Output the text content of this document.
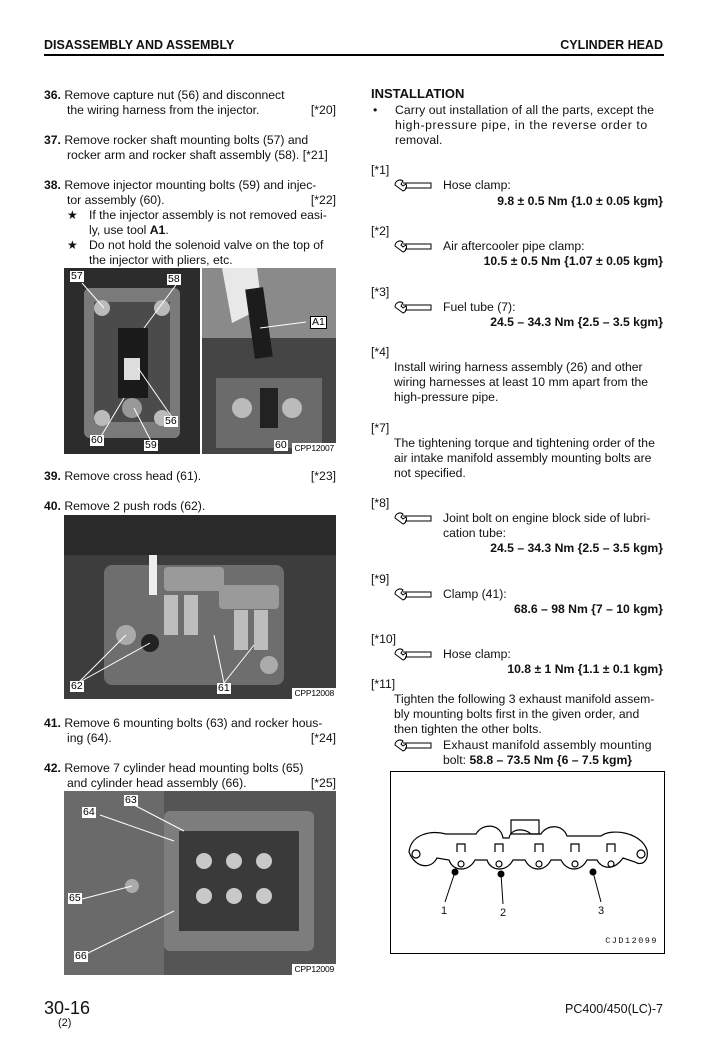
DISASSEMBLY AND ASSEMBLY	CYLINDER HEAD
36. Remove capture nut (56) and disconnect
the wiring harness from the injector.	[*20]
37. Remove rocker shaft mounting bolts (57) and
rocker arm and rocker shaft assembly (58). [*21]
38. Remove injector mounting bolts (59) and injec-
tor assembly (60).	[*22]
★ If the injector assembly is not removed easi-
ly, use tool A1.
★ Do not hold the solenoid valve on the top of
the injector with pliers, etc.
57	58
56
60	59
A1
60 CPP12007
39. Remove cross head (61).	[*23]
40. Remove 2 push rods (62).
62	61	CPP12008
41. Remove 6 mounting bolts (63) and rocker hous-
ing (64).	[*24]
42. Remove 7 cylinder head mounting bolts (65)
and cylinder head assembly (66).	[*25]
63
64
65
66
CPP12009
INSTALLATION
•	Carry out installation of all the parts, except the
high-pressure pipe, in the reverse order to
removal.
[*1]
Hose clamp:
9.8 ± 0.5 Nm {1.0 ± 0.05 kgm}
[*2]
Air aftercooler pipe clamp:
10.5 ± 0.5 Nm {1.07 ± 0.05 kgm}
[*3]
Fuel tube (7):
24.5 – 34.3 Nm {2.5 – 3.5 kgm}
[*4]
Install wiring harness assembly (26) and other
wiring harnesses at least 10 mm apart from the
high-pressure pipe.
[*7]
The tightening torque and tightening order of the
air intake manifold assembly mounting bolts are
not specified.
[*8]
Joint bolt on engine block side of lubri-
cation tube:
24.5 – 34.3 Nm {2.5 – 3.5 kgm}
[*9]
Clamp (41):
68.6 – 98 Nm {7 – 10 kgm}
[*10]
Hose clamp:
10.8 ± 1 Nm {1.1 ± 0.1 kgm}
[*11]
Tighten the following 3 exhaust manifold assem-
bly mounting bolts first in the given order, and
then tighten the other bolts.
Exhaust manifold assembly mounting
bolt: 58.8 – 73.5 Nm {6 – 7.5 kgm}
1	2	3
CJD12099
30-16
(2)
PC400/450(LC)-7
